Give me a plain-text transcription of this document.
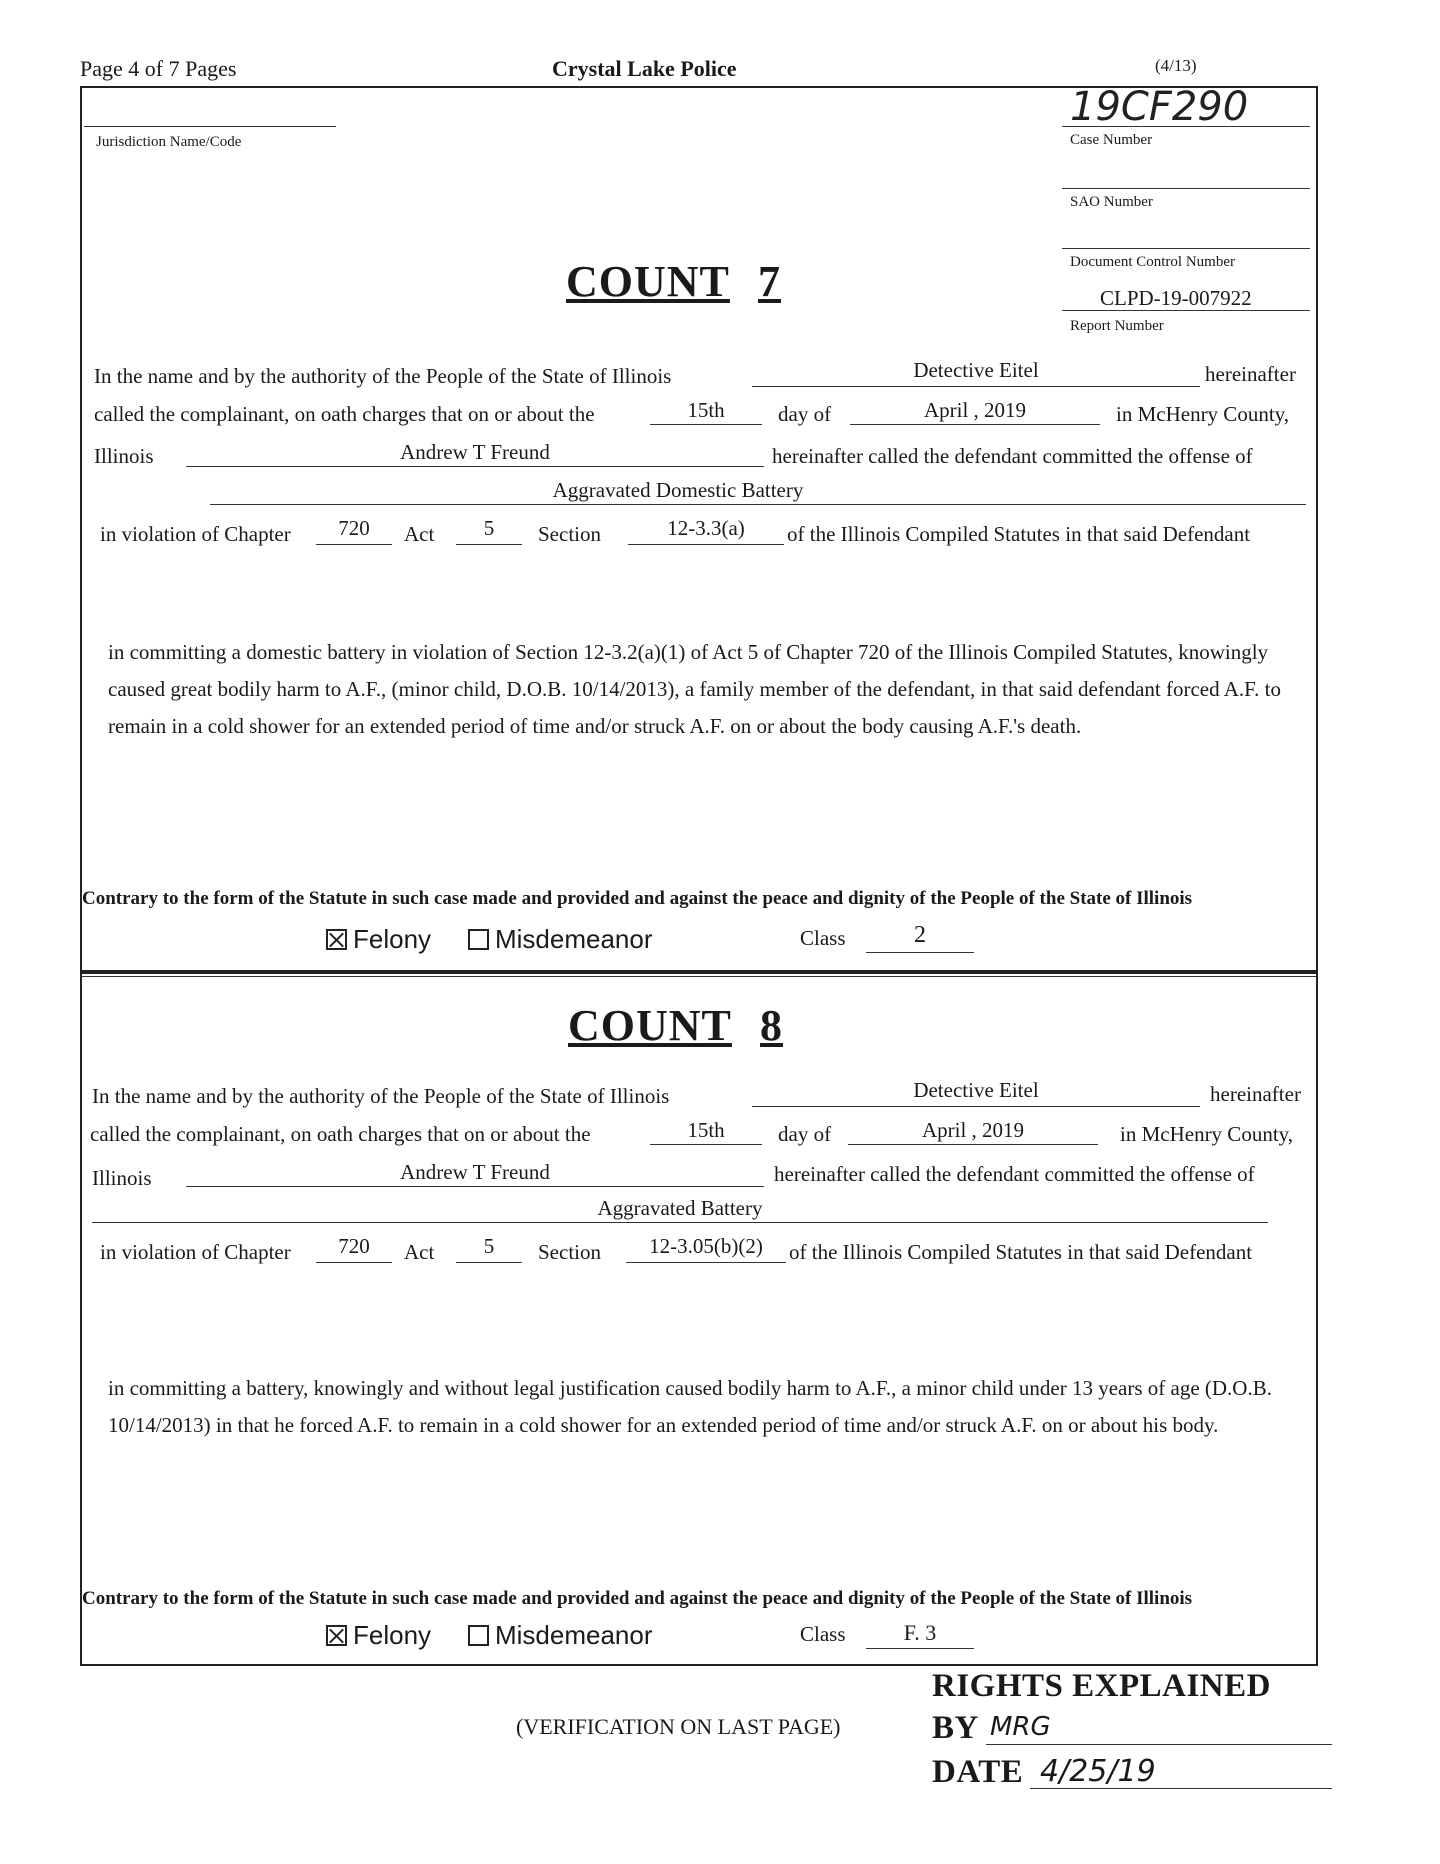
Page 4 of 7 Pages	Crystal Lake Police	(4/13)
Jurisdiction Name/Code
19CF290
Case Number
SAO Number
Document Control Number
CLPD-19-007922
Report Number
COUNT 7
In the name and by the authority of the People of the State of Illinois	Detective Eitel	hereinafter
called the complainant, on oath charges that on or about the	15th	day of	April , 2019	in McHenry County,
Illinois	Andrew T Freund	hereinafter called the defendant committed the offense of
Aggravated Domestic Battery
in violation of Chapter	720	Act	5	Section	12-3.3(a)	of the Illinois Compiled Statutes in that said Defendant
in committing a domestic battery in violation of Section 12-3.2(a)(1) of Act 5 of Chapter 720 of the Illinois Compiled Statutes, knowingly caused great bodily harm to A.F., (minor child, D.O.B. 10/14/2013), a family member of the defendant, in that said defendant forced A.F. to remain in a cold shower for an extended period of time and/or struck A.F. on or about the body causing A.F.'s death.
Contrary to the form of the Statute in such case made and provided and against the peace and dignity of the People of the State of Illinois
Felony Misdemeanor	Class	2
COUNT 8
In the name and by the authority of the People of the State of Illinois	Detective Eitel	hereinafter
called the complainant, on oath charges that on or about the	15th	day of	April , 2019	in McHenry County,
Illinois	Andrew T Freund	hereinafter called the defendant committed the offense of
Aggravated Battery
in violation of Chapter	720	Act	5	Section	12-3.05(b)(2)	of the Illinois Compiled Statutes in that said Defendant
in committing a battery, knowingly and without legal justification caused bodily harm to A.F., a minor child under 13 years of age (D.O.B. 10/14/2013) in that he forced A.F. to remain in a cold shower for an extended period of time and/or struck A.F. on or about his body.
Contrary to the form of the Statute in such case made and provided and against the peace and dignity of the People of the State of Illinois
Felony Misdemeanor	Class	F. 3
(VERIFICATION ON LAST PAGE)
RIGHTS EXPLAINED
BY MRG
DATE 4/25/19
